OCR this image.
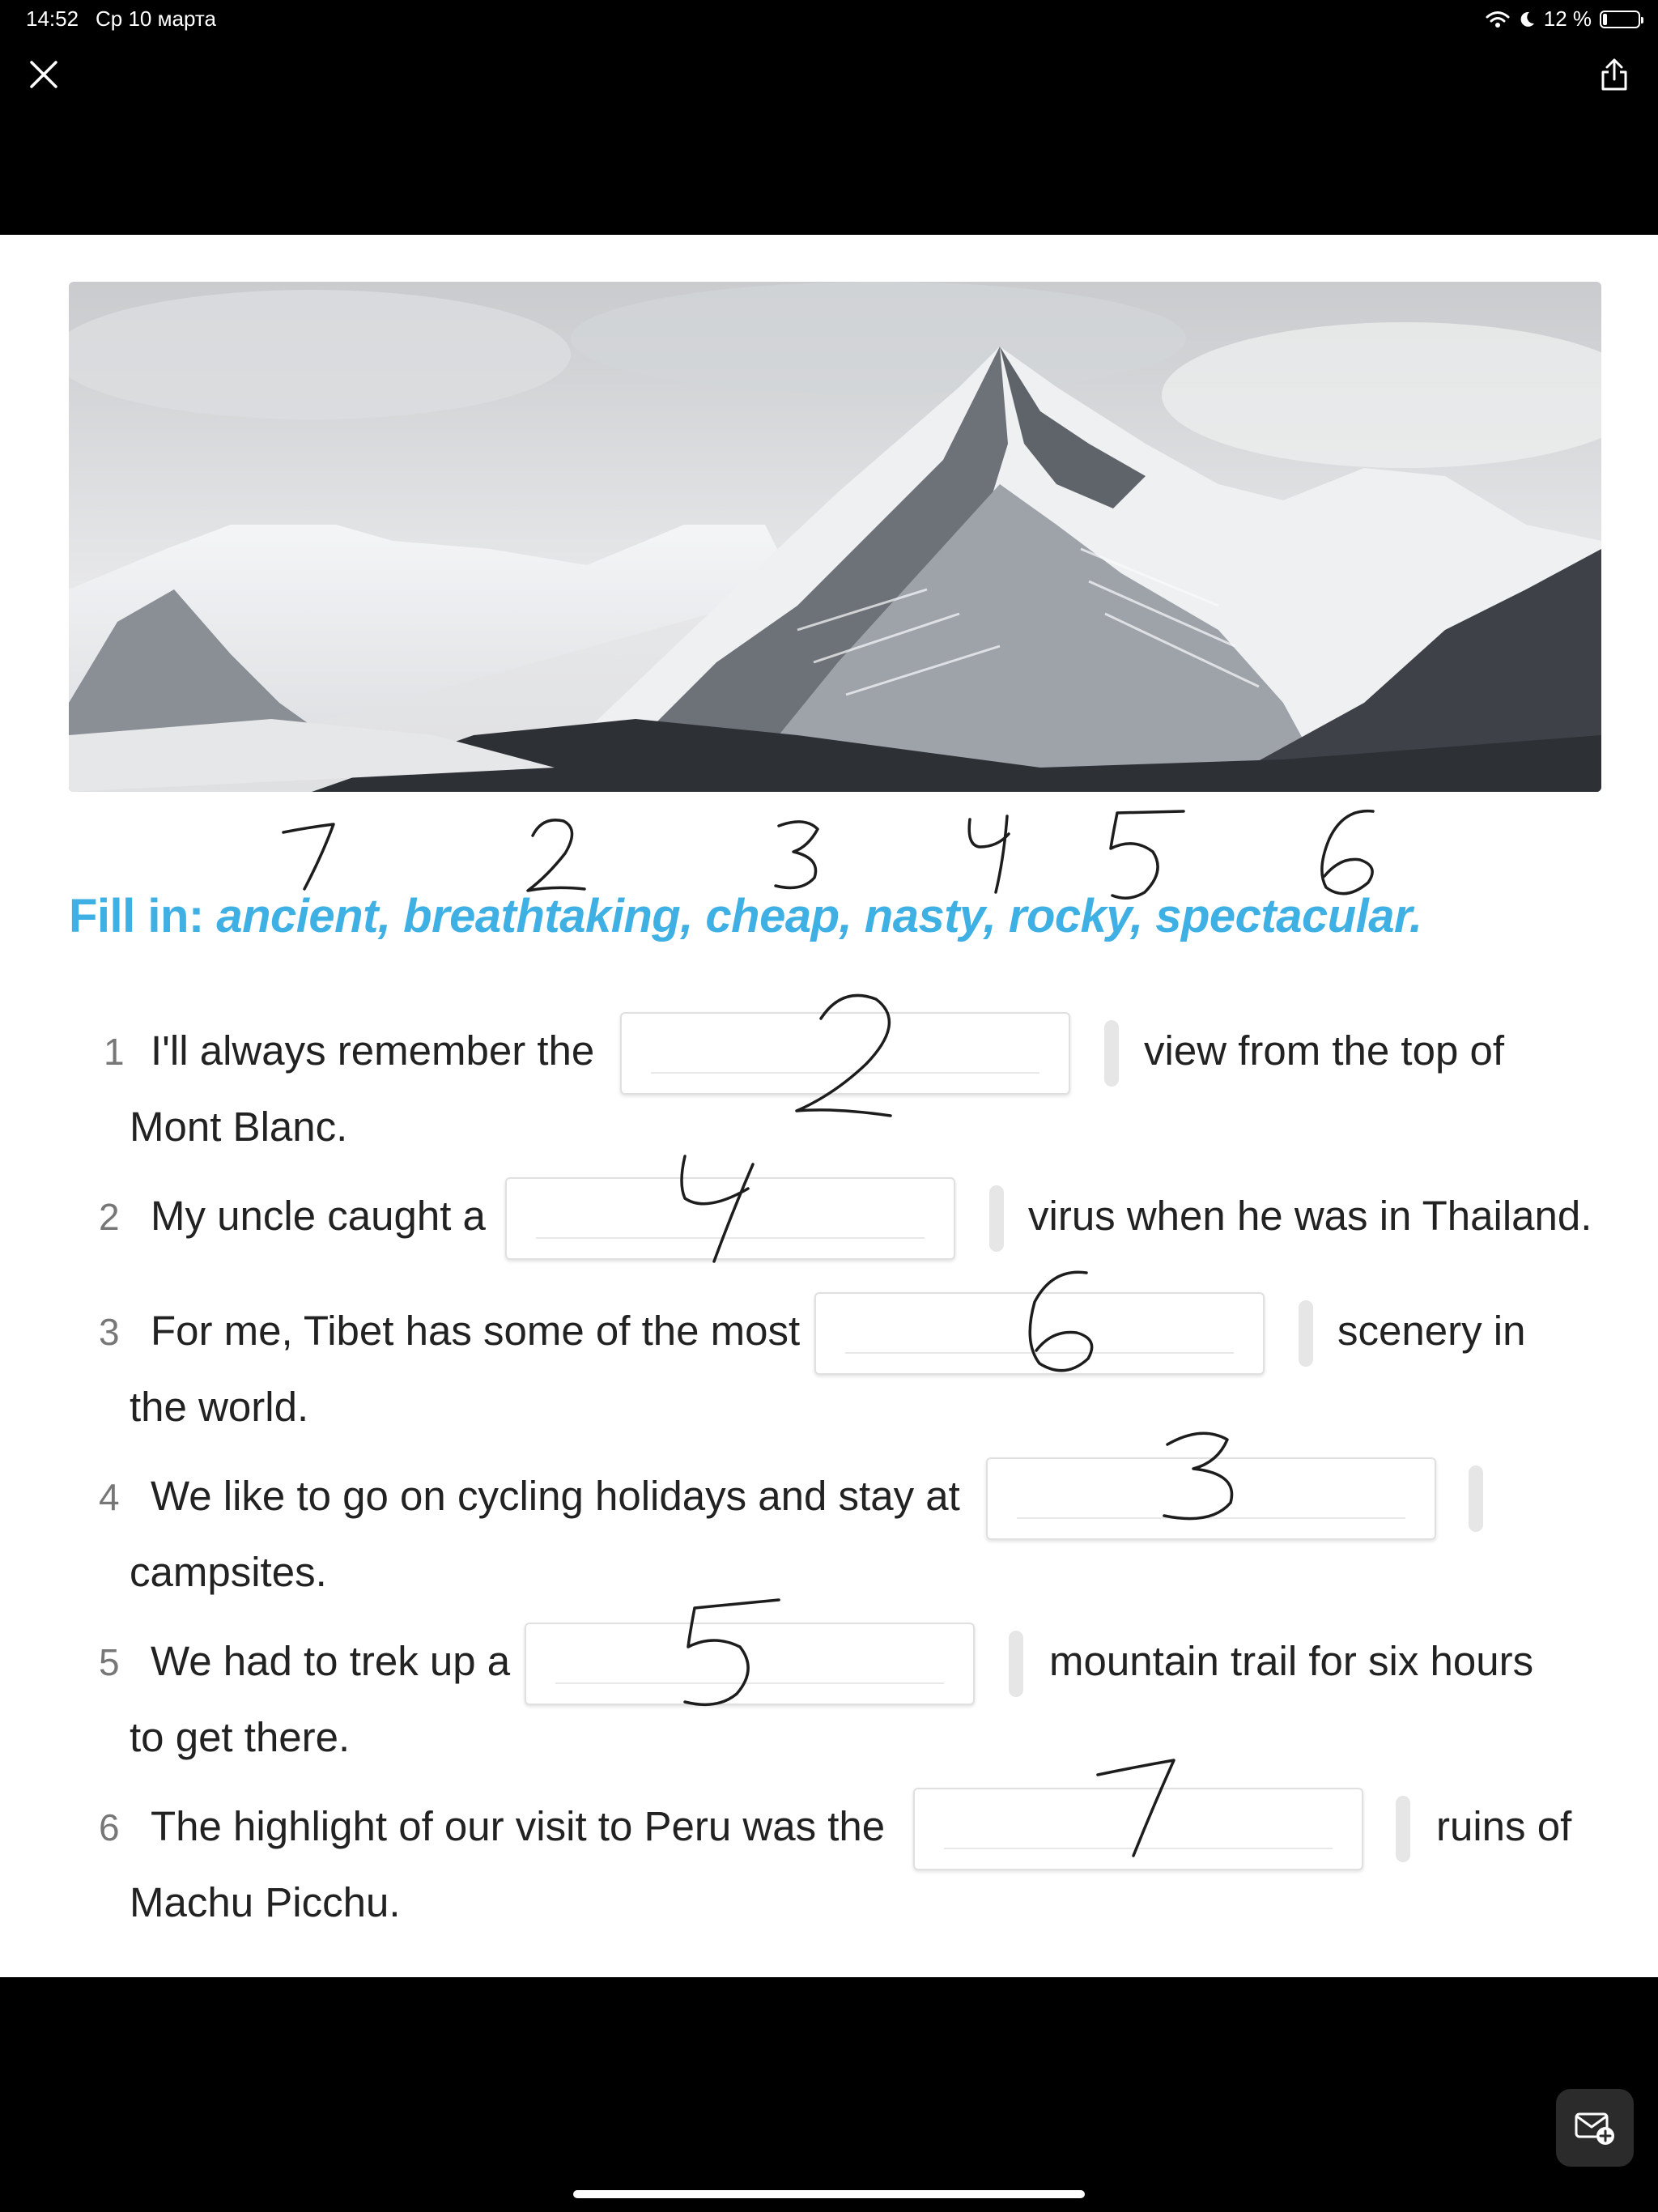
14:52 Ср 10 марта	12 %
Fill in: ancient, breathtaking, cheap, nasty, rocky, spectacular.
1 I'll always remember the	view from the top of
Mont Blanc.
2 My uncle caught a	virus when he was in Thailand.
3 For me, Tibet has some of the most	scenery in
the world.
4 We like to go on cycling holidays and stay at
campsites.
5 We had to trek up a	mountain trail for six hours
to get there.
6 The highlight of our visit to Peru was the	ruins of
Machu Picchu.
